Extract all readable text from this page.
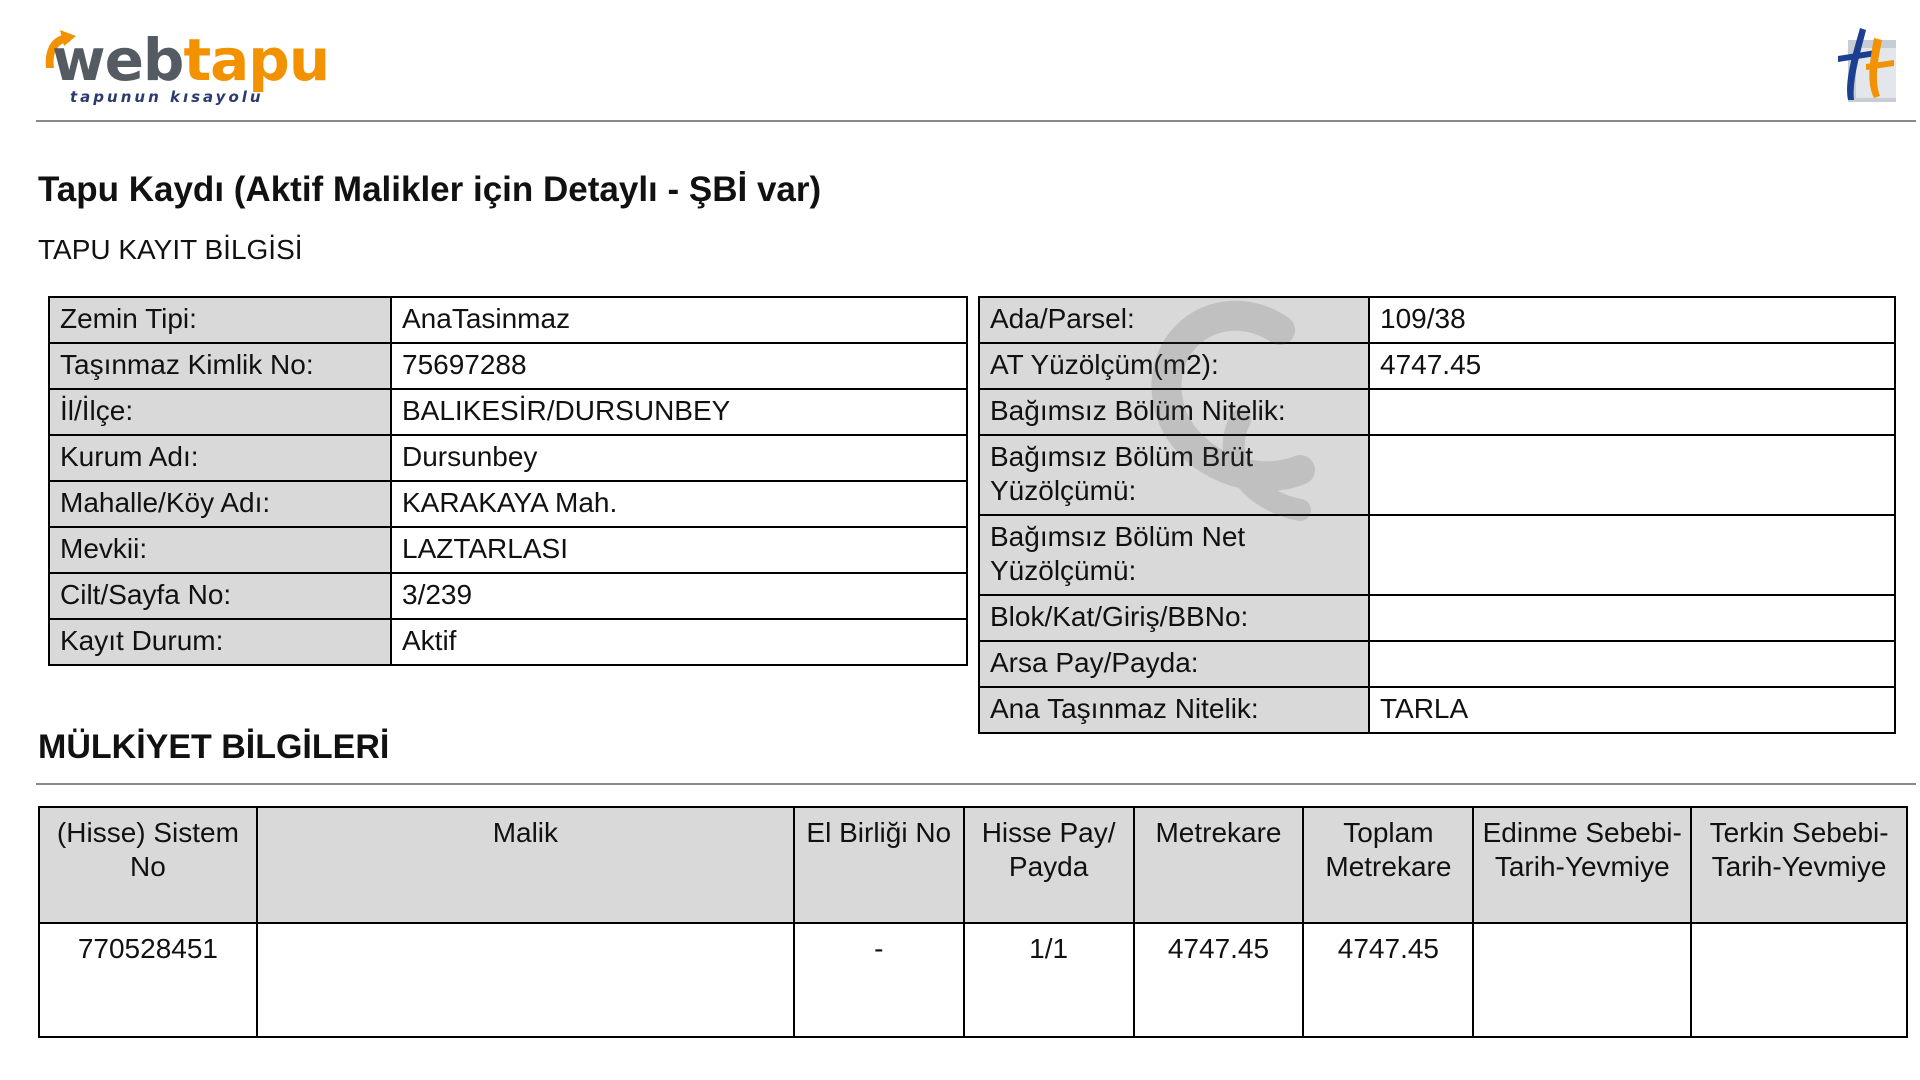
webtapu
tapunun kısayolu
Tapu Kaydı (Aktif Malikler için Detaylı - ŞBİ var)
TAPU KAYIT BİLGİSİ
Zemin Tipi:	AnaTasinmaz
Taşınmaz Kimlik No:	75697288
İl/İlçe:	BALIKESİR/DURSUNBEY
Kurum Adı:	Dursunbey
Mahalle/Köy Adı:	KARAKAYA Mah.
Mevkii:	LAZTARLASI
Cilt/Sayfa No:	3/239
Kayıt Durum:	Aktif
Ada/Parsel:	109/38
AT Yüzölçüm(m2):	4747.45
Bağımsız Bölüm Nitelik:	
Bağımsız Bölüm Brüt Yüzölçümü:	
Bağımsız Bölüm Net Yüzölçümü:	
Blok/Kat/Giriş/BBNo:	
Arsa Pay/Payda:	
Ana Taşınmaz Nitelik:	TARLA
MÜLKİYET BİLGİLERİ
(Hisse) Sistem No	Malik	El Birliği No	Hisse Pay/ Payda	Metrekare	Toplam Metrekare	Edinme Sebebi-Tarih-Yevmiye	Terkin Sebebi-Tarih-Yevmiye
770528451		-	1/1	4747.45	4747.45		
